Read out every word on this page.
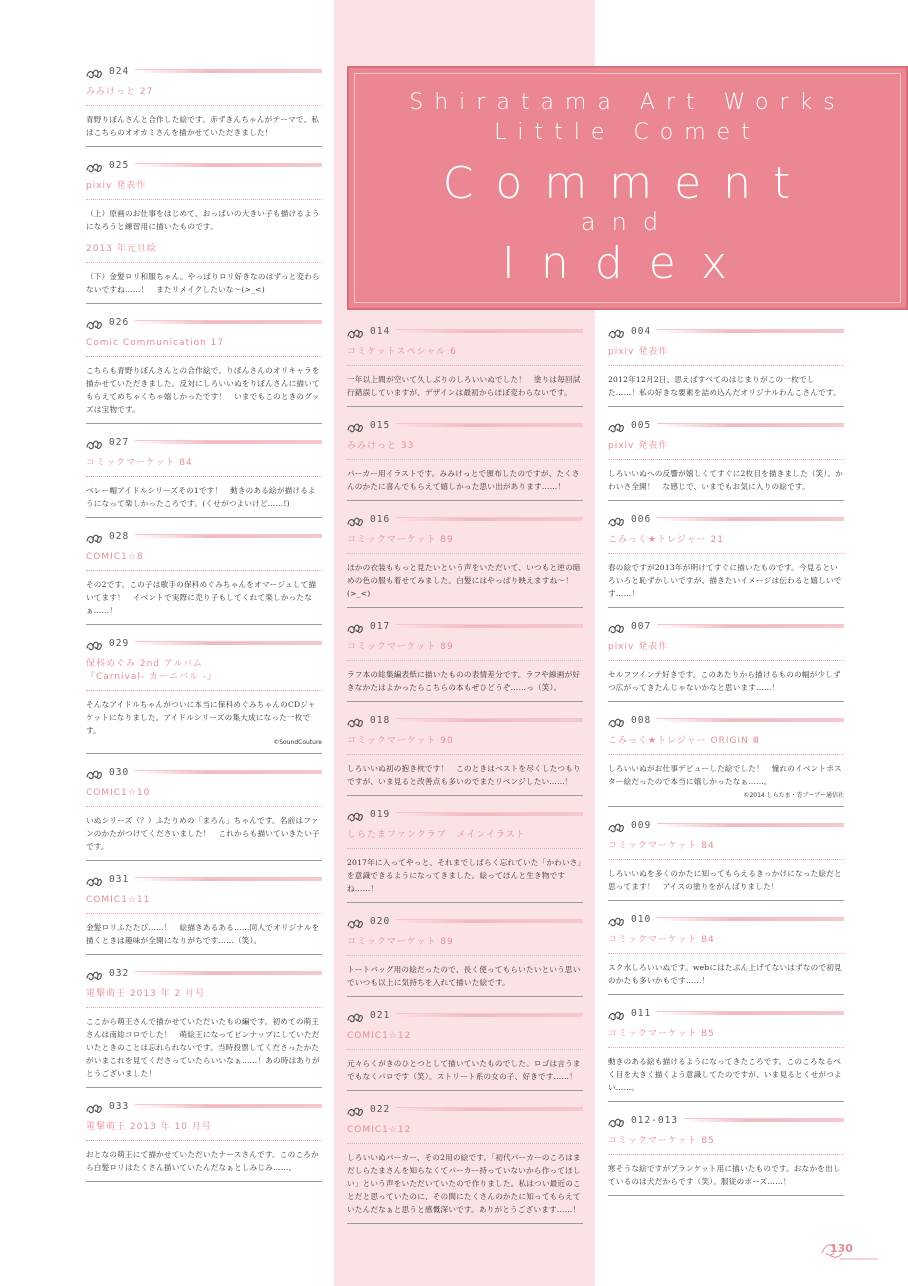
Shiratama Art Works
Little Comet
Comment
and
Index
024
みみけっと 27
青野りぼんさんと合作した絵です。赤ずきんちゃんがテーマで、私はこちらのオオカミさんを描かせていただきました！
025
pixiv 発表作
（上）原画のお仕事をはじめて、おっぱいの大きい子も描けるようになろうと練習用に描いたものです。
2013 年元旦絵
（下）金髪ロリ和服ちゃん。やっぱりロリ好きなのはずっと変わらないですね……！　またリメイクしたいな～(>_<)
026
Comic Communication 17
こちらも青野りぼんさんとの合作絵で、りぼんさんのオリキャラを描かせていただきました。反対にしろいいぬをりぼんさんに描いてもらえてめちゃくちゃ嬉しかったです！　いまでもこのときのグッズは宝物です。
027
コミックマーケット 84
ベレー帽アイドルシリーズその1です！　動きのある絵が描けるようになって楽しかったころです。(くせがつよいけど……!)
028
COMIC1☆8
その2です。この子は歌手の保科めぐみちゃんをオマージュして描いてます！　イベントで実際に売り子もしてくれて楽しかったなぁ……！
029
保科めぐみ 2nd アルバム
『Carnival- カーニバル -』
そんなアイドルちゃんがついに本当に保科めぐみちゃんのCDジャケットになりました。アイドルシリーズの集大成になった一枚です。
©SoundCouture
030
COMIC1☆10
いぬシリーズ（？）ふたりめの「まろん」ちゃんです。名前はファンのかたがつけてくださいました！　これからも描いていきたい子です。
031
COMIC1☆11
金髪ロリふたたび……！　絵描きあるある……同人でオリジナルを描くときは趣味が全開になりがちです……（笑）。
032
電撃萌王 2013 年 2 月号
ここから萌王さんで描かせていただいたもの編です。初めての萌王さんは南総コロでした！　萌絵王になってピンナップにしていただいたときのことは忘れられないです。当時投票してくださったかたがいまこれを見てくださっていたらいいなぁ……！あの時はありがとうございました！
033
電撃萌王 2013 年 10 月号
おとなの萌王にて描かせていただいたナースさんです。このころから白髪ロリはたくさん描いていたんだなぁとしみじみ……。
014
コミケットスペシャル 6
一年以上間が空いて久しぶりのしろいいぬでした！　塗りは毎回試行錯誤していますが、デザインは最初からほぼ変わらないです。
015
みみけっと 33
パーカー用イラストです。みみけっとで頒布したのですが、たくさんのかたに喜んでもらえて嬉しかった思い出があります……！
016
コミックマーケット 89
ほかの衣装ももっと見たいという声をいただいて、いつもと逆の暗めの色の服も着せてみました。白髪にはやっぱり映えますね～！(>_<)
017
コミックマーケット 89
ラフ本の総集編表紙に描いたものの表情差分です。ラフや線画が好きなかたはよかったらこちらの本もぜひどうぞ……っ（笑）。
018
コミックマーケット 90
しろいいぬ初の抱き枕です！　このときはベストを尽くしたつもりですが、いま見ると改善点も多いのでまたリベンジしたい……！
019
しらたまファンクラブ　メインイラスト
2017年に入ってやっと、それまでしばらく忘れていた「かわいさ」を意識できるようになってきました。絵ってほんと生き物ですね……！
020
コミックマーケット 89
トートバッグ用の絵だったので、長く使ってもらいたいという思いでいつも以上に気持ちを入れて描いた絵です。
021
COMIC1☆12
元々らくがきのひとつとして描いていたものでした。ロゴは言うまでもなくパロです（笑）。ストリート系の女の子、好きです……！
022
COMIC1☆12
しろいいぬパーカー、その2用の絵です。「初代パーカーのころはまだしらたまさんを知らなくてパーカー持っていないから作ってほしい」という声をいただいていたので作りました。私はつい最近のことだと思っていたのに、その間にたくさんのかたに知ってもらえていたんだなぁと思うと感慨深いです。ありがとうございます……！
004
pixiv 発表作
2012年12月2日、思えばすべてのはじまりがこの一枚でした……！私の好きな要素を詰め込んだオリジナルわんこさんです。
005
pixiv 発表作
しろいいぬへの反響が嬉しくてすぐに2枚目を描きました（笑）。かわいさ全開！　な感じで、いまでもお気に入りの絵です。
006
こみっく★トレジャー 21
春の絵ですが2013年が明けてすぐに描いたものです。今見るといろいろと恥ずかしいですが、描きたいイメージは伝わると嬉しいです……！
007
pixiv 発表作
セルフツインテ好きです。このあたりから描けるものの幅が少しずつ広がってきたんじゃないかなと思います……！
008
こみっく★トレジャー ORIGIN Ⅲ
しろいいぬがお仕事デビューした絵でした！　憧れのイベントポスター絵だったので本当に嬉しかったなぁ……。
©2014 しらたま・青ブーブー通信社
009
コミックマーケット 84
しろいいぬを多くのかたに知ってもらえるきっかけになった絵だと思ってます！　アイスの塗りをがんばりました！
010
コミックマーケット 84
スク水しろいいぬです。webにはたぶん上げてないはずなので初見のかたも多いかもです……！
011
コミックマーケット 85
動きのある絵も描けるようになってきたころです。このころなるべく目を大きく描くよう意識してたのですが、いま見るとくせがつよい……。
012-013
コミックマーケット 85
寒そうな絵ですがブランケット用に描いたものです。おなかを出しているのは犬だからです（笑）。服従のポーズ……！
130
